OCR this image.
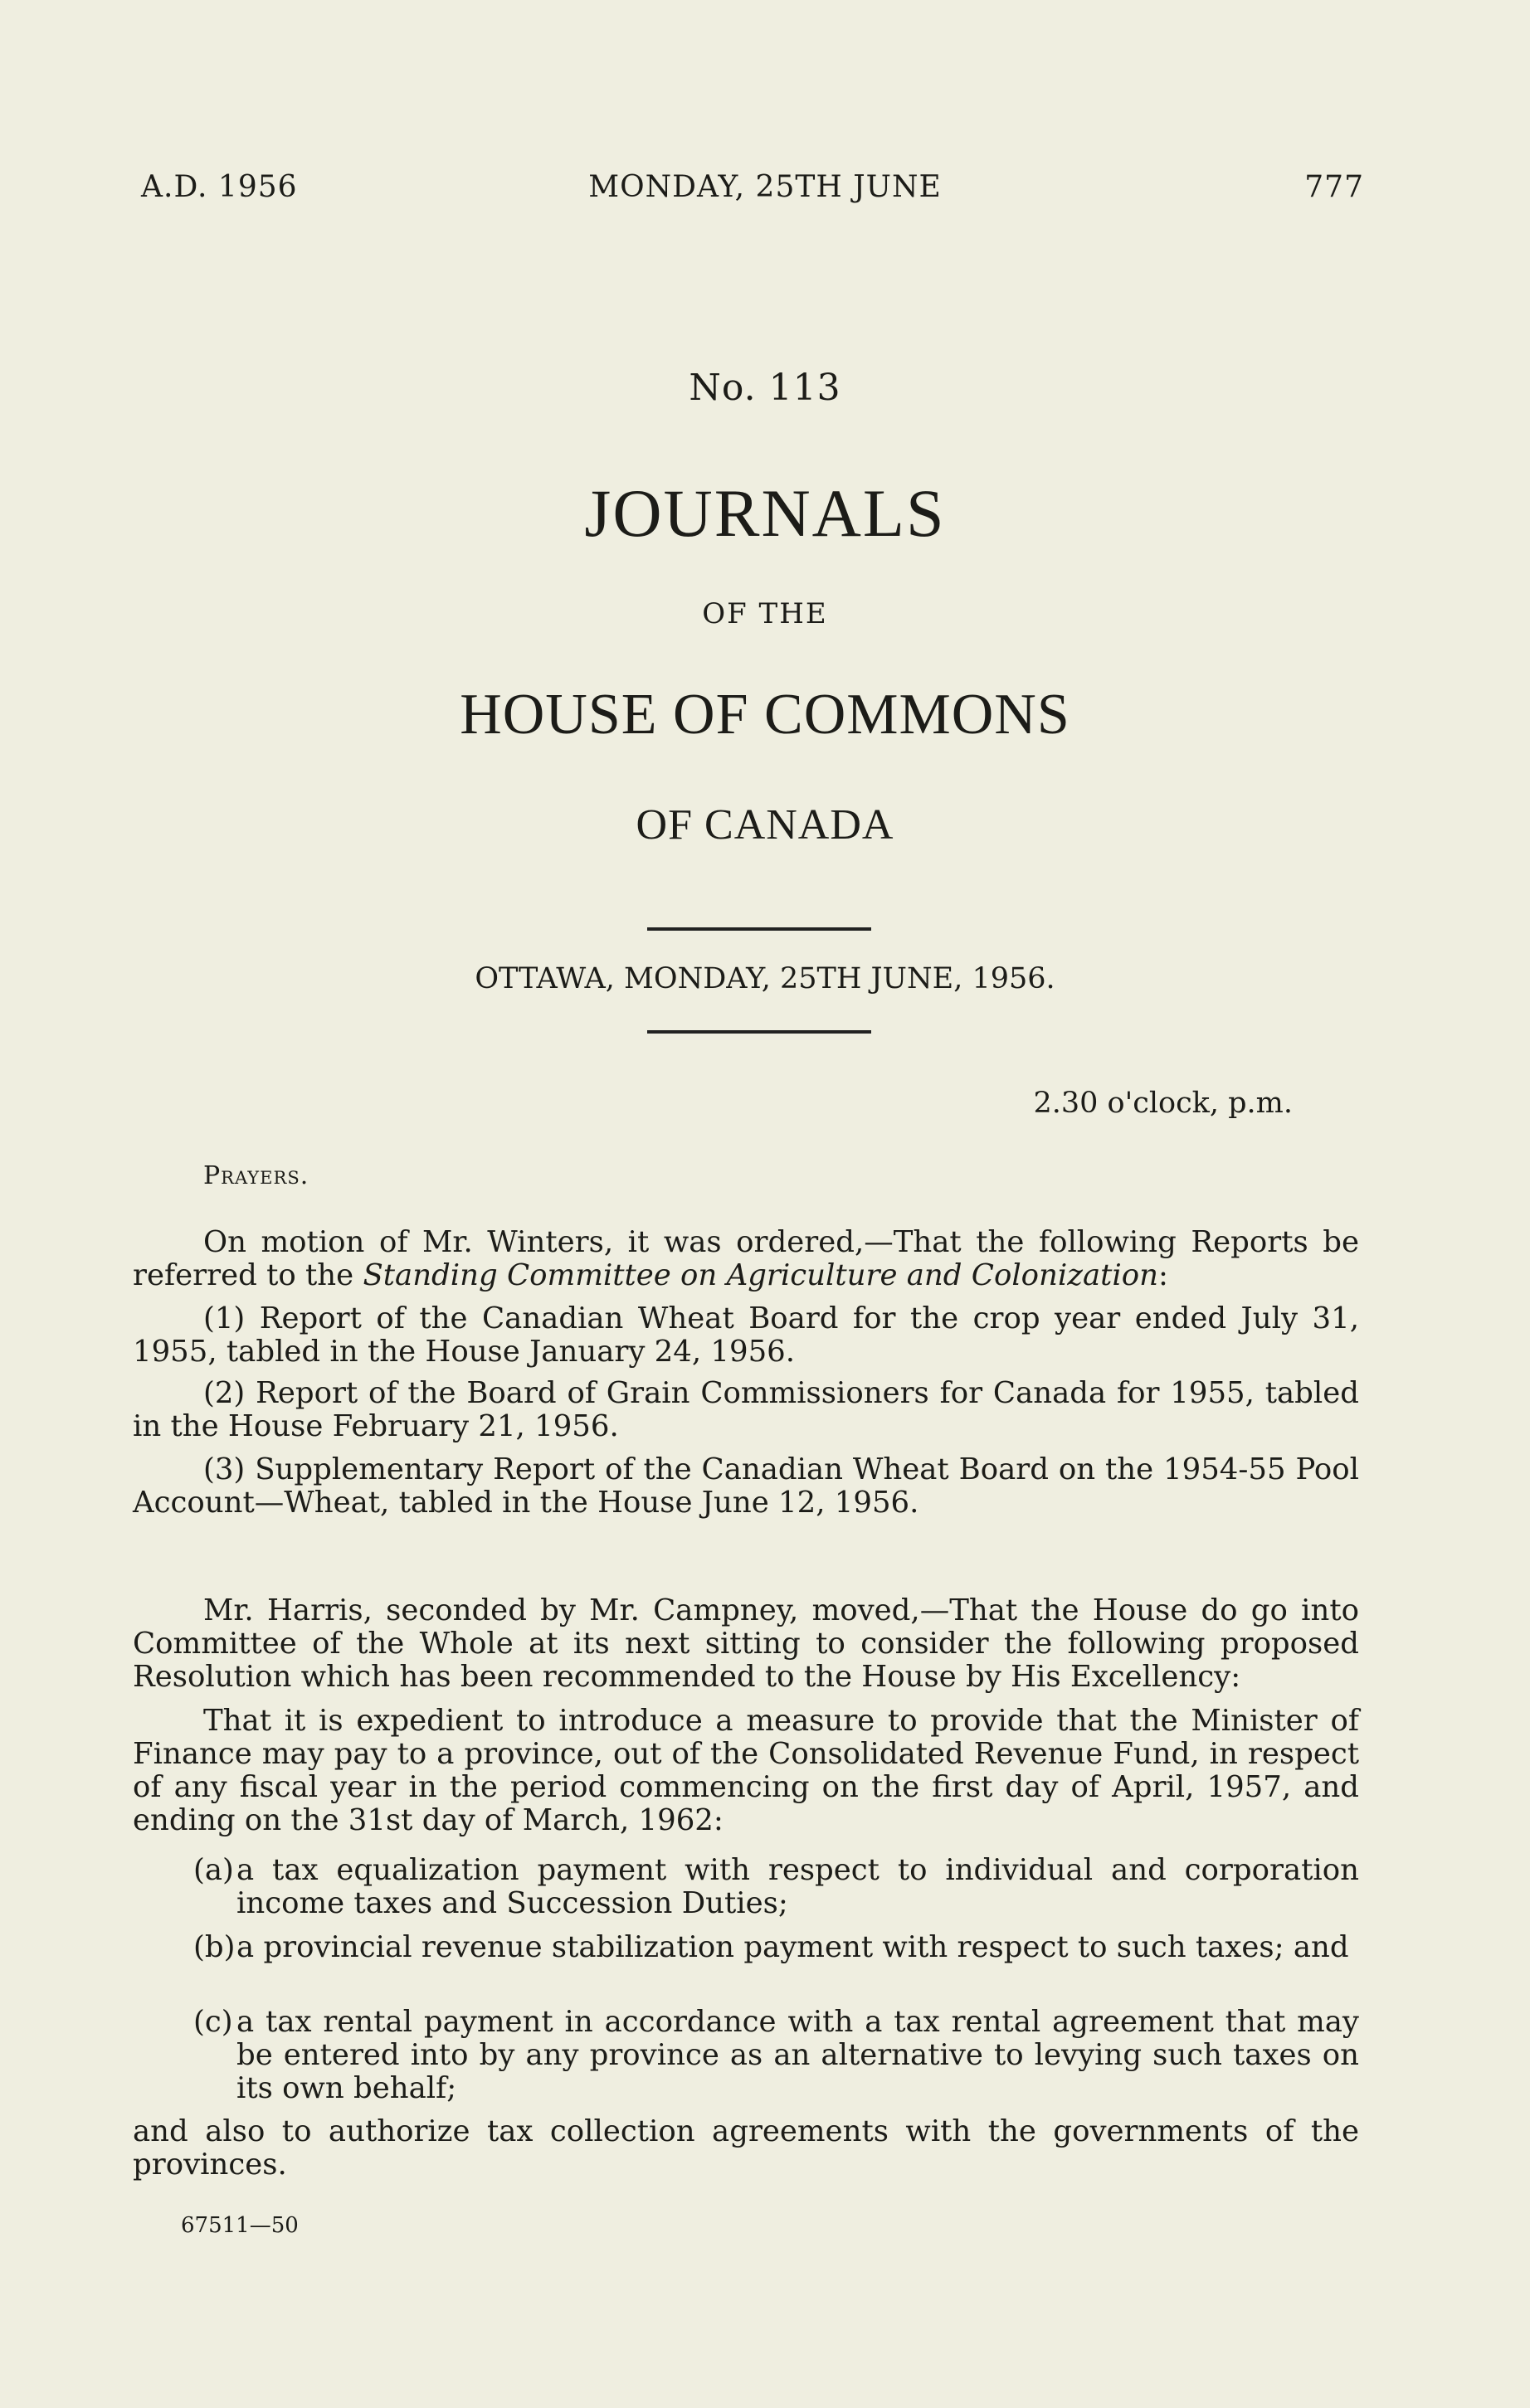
A.D. 1956	MONDAY, 25TH JUNE	777
No. 113
JOURNALS
OF THE
HOUSE OF COMMONS
OF CANADA
OTTAWA, MONDAY, 25TH JUNE, 1956.
2.30 o'clock, p.m.
Prayers.
On motion of Mr. Winters, it was ordered,—That the following Reports be referred to the Standing Committee on Agriculture and Colonization:
(1) Report of the Canadian Wheat Board for the crop year ended July 31, 1955, tabled in the House January 24, 1956.
(2) Report of the Board of Grain Commissioners for Canada for 1955, tabled in the House February 21, 1956.
(3) Supplementary Report of the Canadian Wheat Board on the 1954-55 Pool Account—Wheat, tabled in the House June 12, 1956.
Mr. Harris, seconded by Mr. Campney, moved,—That the House do go into Committee of the Whole at its next sitting to consider the following proposed Resolution which has been recommended to the House by His Excellency:
That it is expedient to introduce a measure to provide that the Minister of Finance may pay to a province, out of the Consolidated Revenue Fund, in respect of any fiscal year in the period commencing on the first day of April, 1957, and ending on the 31st day of March, 1962:
(a) a tax equalization payment with respect to individual and corporation income taxes and Succession Duties;
(b) a provincial revenue stabilization payment with respect to such taxes; and
(c) a tax rental payment in accordance with a tax rental agreement that may be entered into by any province as an alternative to levying such taxes on its own behalf;
and also to authorize tax collection agreements with the governments of the provinces.
67511—50
